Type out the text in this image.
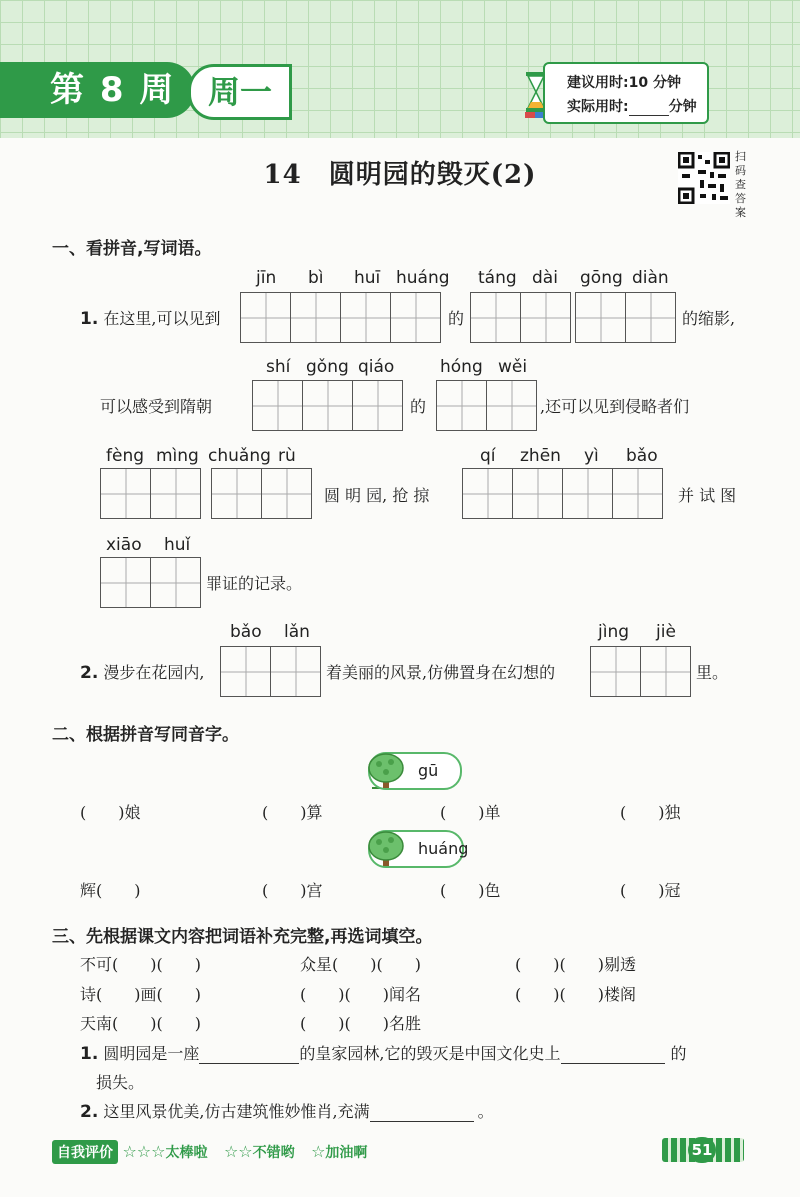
第 8 周	周一	建议用时:10 分钟
实际用时:	分钟
14　圆明园的毁灭(2)
扫码查答案
一、看拼音,写词语。
jīn bì huī huáng táng dài gōng diàn
1. 在这里,可以见到	的	的缩影,
shí gǒng qiáo	hóng wěi
可以感受到隋朝	的	,还可以见到侵略者们
fèng mìng chuǎng rù	qí zhēn yì bǎo
圆 明 园, 抢 掠	并 试 图
xiāo huǐ
罪证的记录。
bǎo lǎn	jìng jiè
2. 漫步在花园内,	着美丽的风景,仿佛置身在幻想的	里。
二、根据拼音写同音字。
gū
(　　)娘	(　　)算	(　　)单	(　　)独
huáng
辉(　　)	(　　)宫	(　　)色	(　　)冠
三、先根据课文内容把词语补充完整,再选词填空。
不可(　　)(　　)	众星(　　)(　　)	(　　)(　　)剔透
诗(　　)画(　　)	(　　)(　　)闻名	(　　)(　　)楼阁
天南(　　)(　　)	(　　)(　　)名胜
1. 圆明园是一座	的皇家园林,它的毁灭是中国文化史上	的
损失。
2. 这里风景优美,仿古建筑惟妙惟肖,充满	。
自我评价 ☆☆☆太棒啦 ☆☆不错哟 ☆加油啊	51
